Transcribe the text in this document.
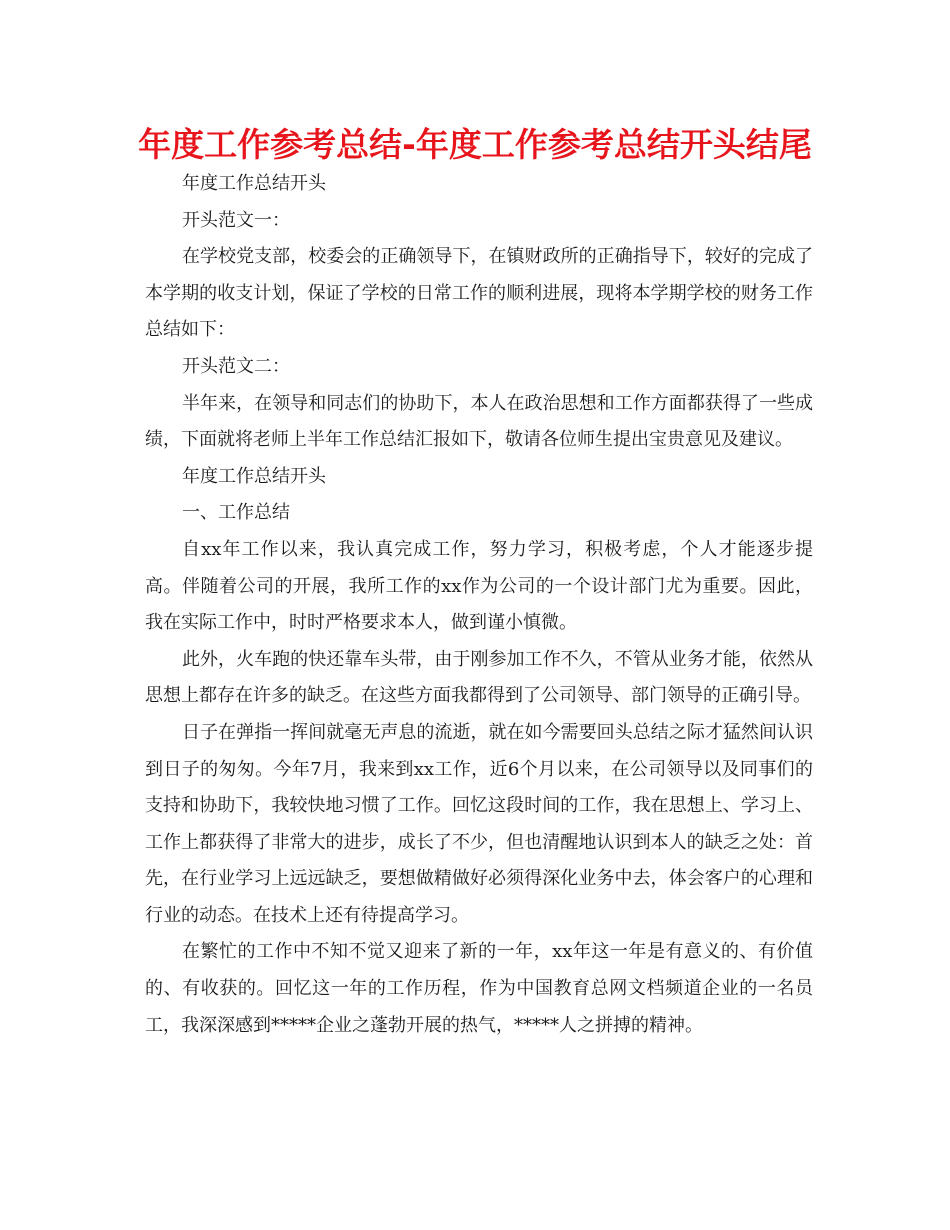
年度工作参考总结-年度工作参考总结开头结尾

年度工作总结开头

开头范文一：

在学校党支部，校委会的正确领导下，在镇财政所的正确指导下，较好的完成了本学期的收支计划，保证了学校的日常工作的顺利进展，现将本学期学校的财务工作总结如下：

开头范文二：

半年来，在领导和同志们的协助下，本人在政治思想和工作方面都获得了一些成绩，下面就将老师上半年工作总结汇报如下，敬请各位师生提出宝贵意见及建议。

年度工作总结开头

一、工作总结

自xx年工作以来，我认真完成工作，努力学习，积极考虑，个人才能逐步提高。伴随着公司的开展，我所工作的xx作为公司的一个设计部门尤为重要。因此，我在实际工作中，时时严格要求本人，做到谨小慎微。

此外，火车跑的快还靠车头带，由于刚参加工作不久，不管从业务才能，依然从思想上都存在许多的缺乏。在这些方面我都得到了公司领导、部门领导的正确引导。

日子在弹指一挥间就毫无声息的流逝，就在如今需要回头总结之际才猛然间认识到日子的匆匆。今年7月，我来到xx工作，近6个月以来，在公司领导以及同事们的支持和协助下，我较快地习惯了工作。回忆这段时间的工作，我在思想上、学习上、工作上都获得了非常大的进步，成长了不少，但也清醒地认识到本人的缺乏之处：首先，在行业学习上远远缺乏，要想做精做好必须得深化业务中去，体会客户的心理和行业的动态。在技术上还有待提高学习。

在繁忙的工作中不知不觉又迎来了新的一年，xx年这一年是有意义的、有价值的、有收获的。回忆这一年的工作历程，作为中国教育总网文档频道企业的一名员工，我深深感到*****企业之蓬勃开展的热气，*****人之拼搏的精神。
